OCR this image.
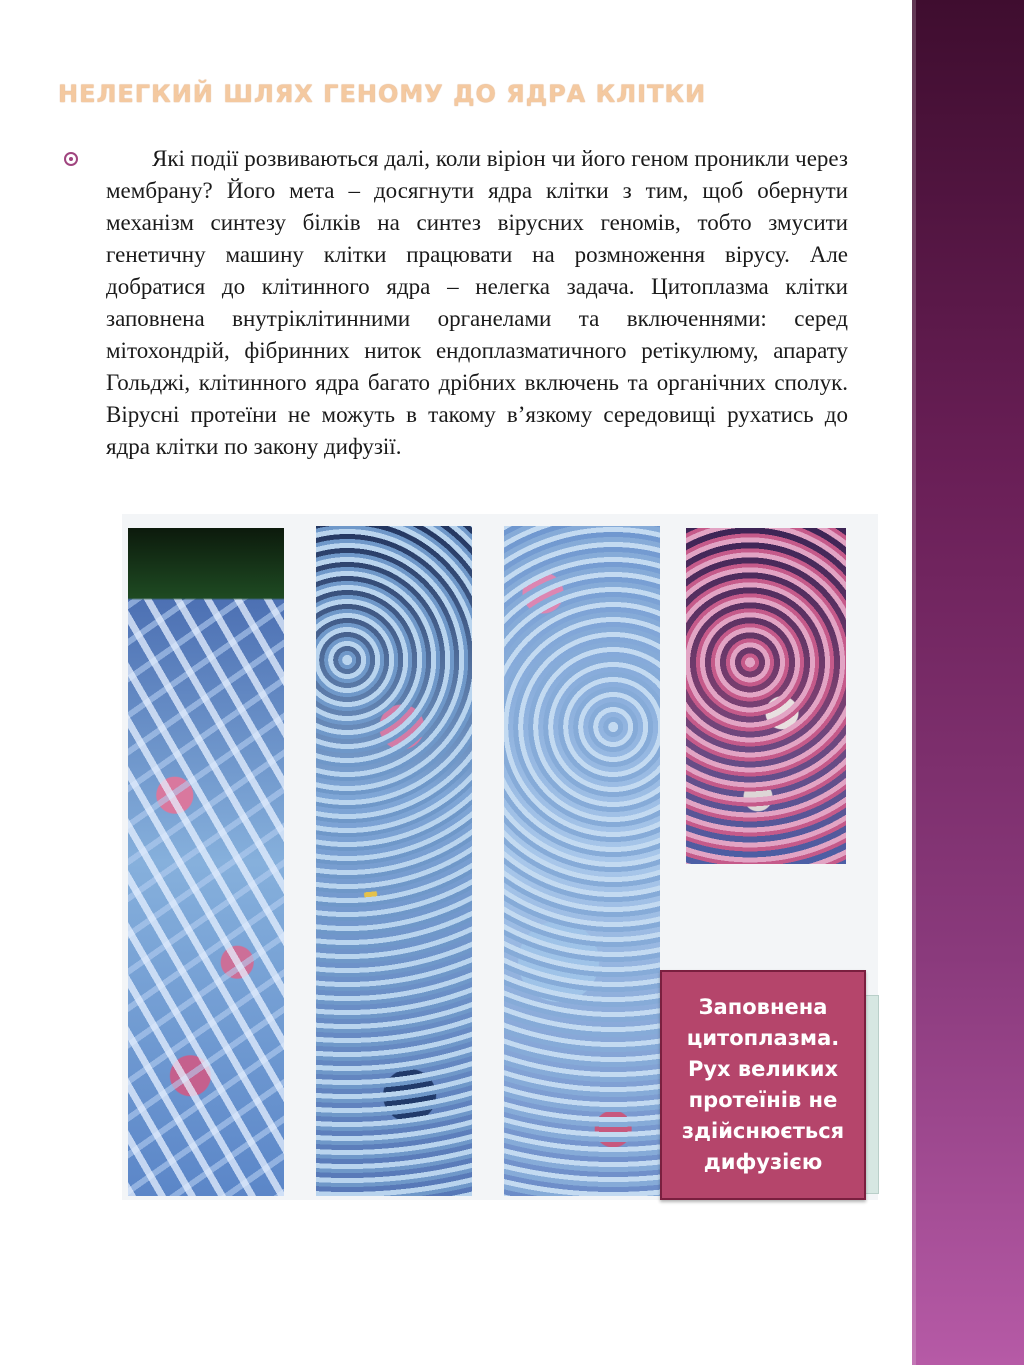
НЕЛЕГКИЙ ШЛЯХ ГЕНОМУ ДО ЯДРА КЛІТКИ

Які події розвиваються далі, коли віріон чи його геном проникли через мембрану? Його мета – досягнути ядра клітки з тим, щоб обернути механізм синтезу білків на синтез вірусних геномів, тобто змусити генетичну машину клітки працювати на розмноження вірусу. Але добратися до клітинного ядра – нелегка задача. Цитоплазма клітки заповнена внутріклітинними органелами та включеннями: серед мітохондрій, фібринних ниток ендоплазматичного ретікулюму, апарату Гольджі, клітинного ядра багато дрібних включень та органічних сполук. Вірусні протеїни не можуть в такому в’язкому середовищі рухатись до ядра клітки по закону дифузії.

Заповнена цитоплазма. Рух великих протеїнів не здійснюється дифузією
